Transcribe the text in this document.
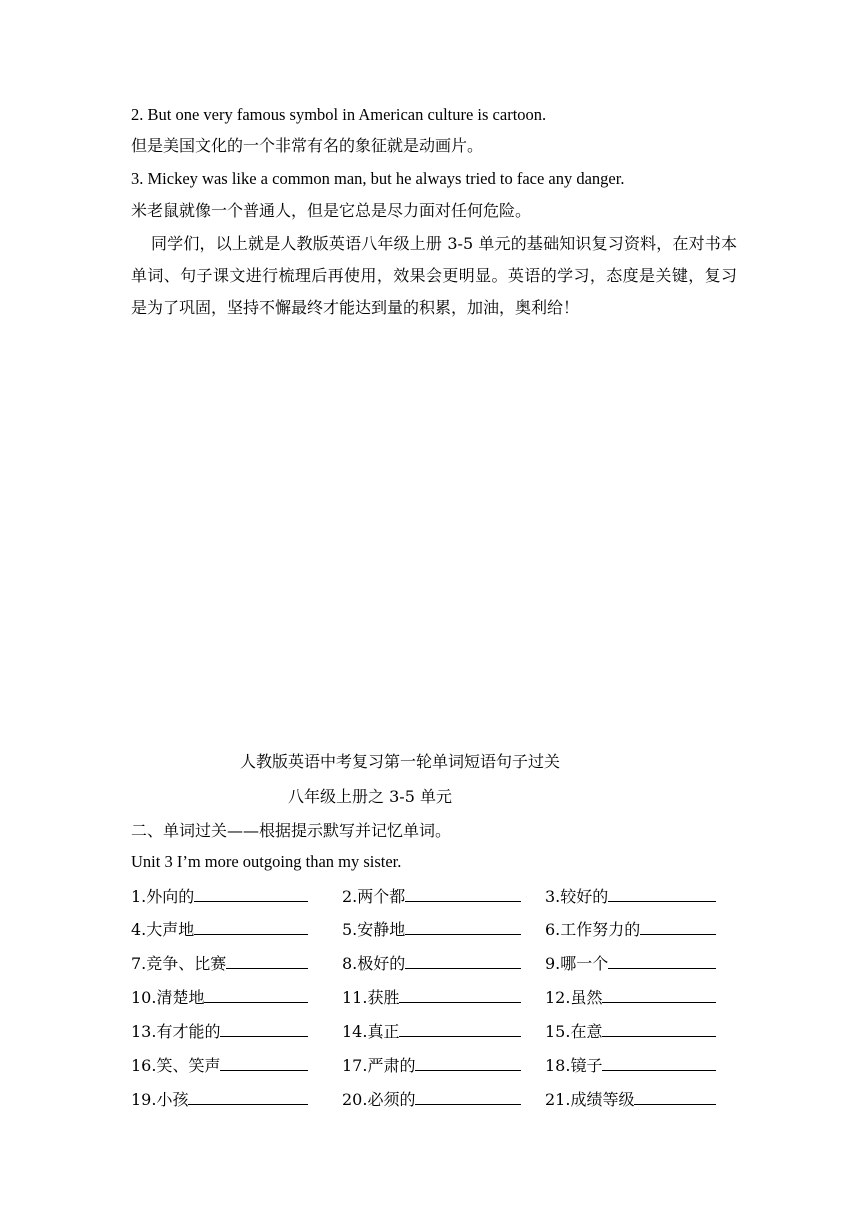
2. But one very famous symbol in American culture is cartoon.
但是美国文化的一个非常有名的象征就是动画片。
3. Mickey was like a common man, but he always tried to face any danger.
米老鼠就像一个普通人，但是它总是尽力面对任何危险。
同学们，以上就是人教版英语八年级上册 3-5 单元的基础知识复习资料，在对书本单词、句子课文进行梳理后再使用，效果会更明显。英语的学习，态度是关键，复习是为了巩固，坚持不懈最终才能达到量的积累，加油，奥利给！
人教版英语中考复习第一轮单词短语句子过关
八年级上册之 3-5 单元
二、单词过关——根据提示默写并记忆单词。
Unit 3 I’m more outgoing than my sister.
1.外向的	2.两个都	3.较好的
4.大声地	5.安静地	6.工作努力的
7.竞争、比赛	8.极好的	9.哪一个
10.清楚地	11.获胜	12.虽然
13.有才能的	14.真正	15.在意
16.笑、笑声	17.严肃的	18.镜子
19.小孩	20.必须的	21.成绩等级
